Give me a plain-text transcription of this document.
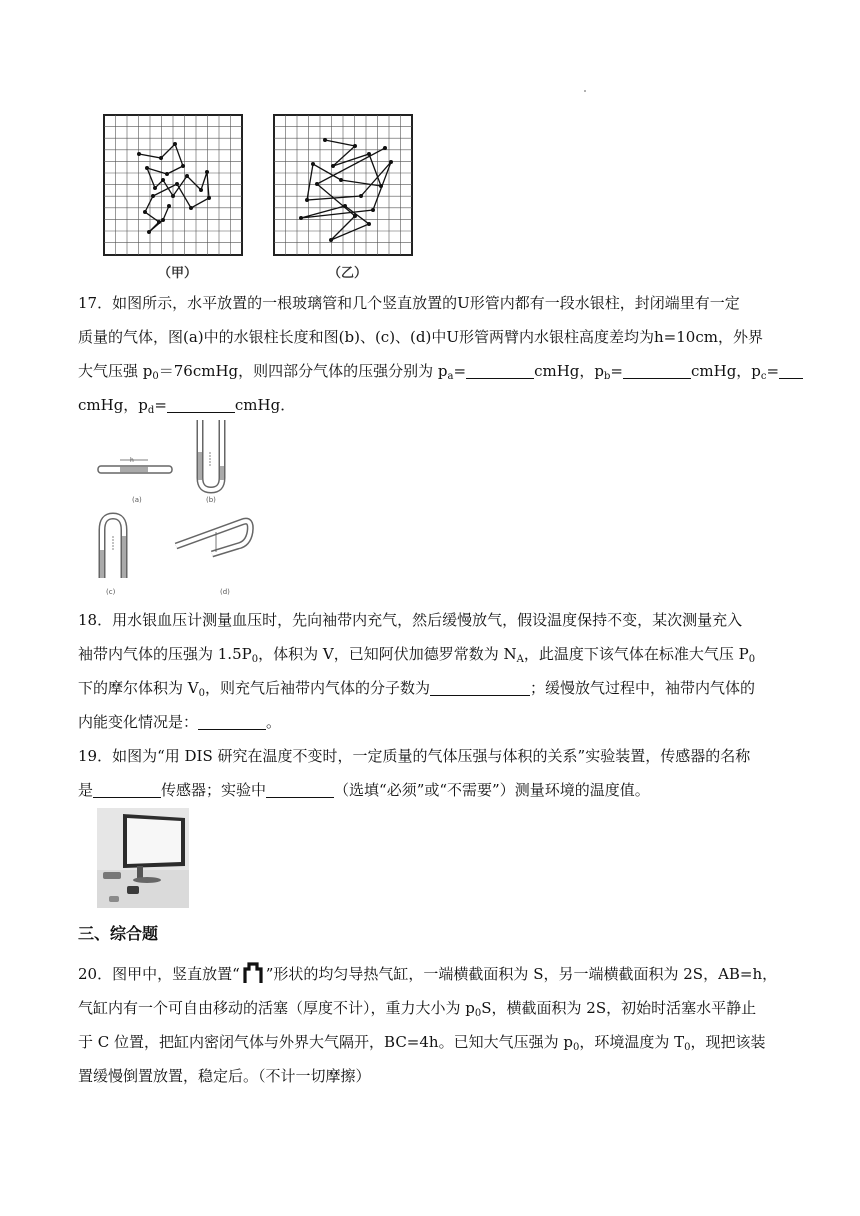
（甲）	（乙）

17．如图所示，水平放置的一根玻璃管和几个竖直放置的U形管内都有一段水银柱，封闭端里有一定

质量的气体，图(a)中的水银柱长度和图(b)、(c)、(d)中U形管两臂内水银柱高度差均为h=10cm，外界

大气压强 $p_0=76cmHg$，则四部分气体的压强分别为 $p_a=$	cmHg，$p_b=$	cmHg，$p_c=$

cmHg，$p_d=$	cmHg．

h
(a)	(b)
(c)	(d)

18．用水银血压计测量血压时，先向袖带内充气，然后缓慢放气，假设温度保持不变，某次测量充入

袖带内气体的压强为 $1.5P_0$，体积为 V，已知阿伏加德罗常数为 $N_A$，此温度下该气体在标准大气压 $P_0$

下的摩尔体积为 $V_0$，则充气后袖带内气体的分子数为	；缓慢放气过程中，袖带内气体的

内能变化情况是：	。

19．如图为“用 DIS 研究在温度不变时，一定质量的气体压强与体积的关系”实验装置，传感器的名称

是	传感器；实验中	（选填“必须”或“不需要”）测量环境的温度值。

三、综合题

20．图甲中，竖直放置“ ”形状的均匀导热气缸，一端横截面积为 S，另一端横截面积为 2S，AB=h，

气缸内有一个可自由移动的活塞（厚度不计），重力大小为 $p_0S$，横截面积为 2S，初始时活塞水平静止

于 C 位置，把缸内密闭气体与外界大气隔开，BC=4h。已知大气压强为 $p_0$，环境温度为 $T_0$，现把该装

置缓慢倒置放置，稳定后。（不计一切摩擦）
